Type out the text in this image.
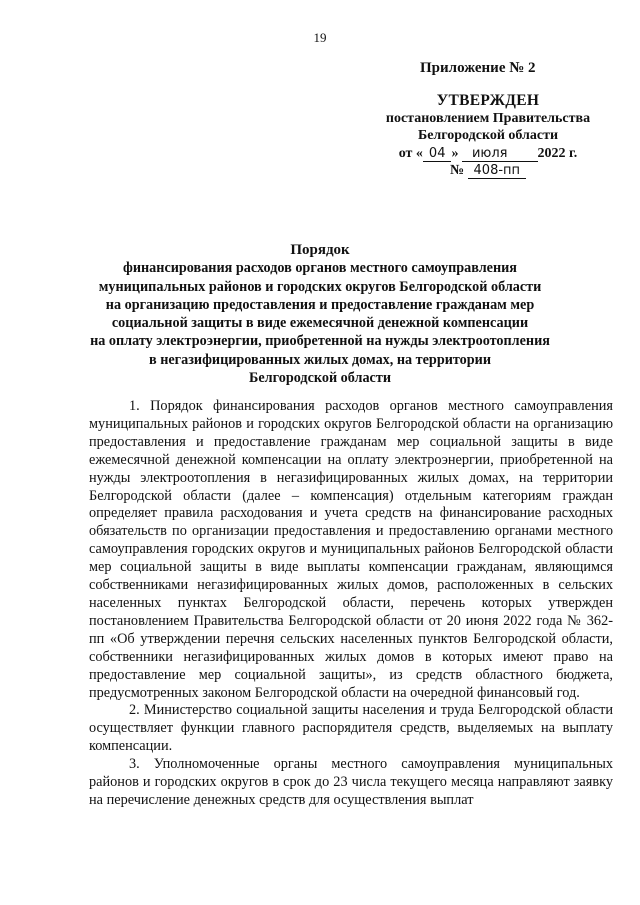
19
Приложение № 2
УТВЕРЖДЕН
постановлением Правительства
Белгородской области
от « 04 » июля 2022 г.
№ 408-пп
Порядок
финансирования расходов органов местного самоуправления
муниципальных районов и городских округов Белгородской области
на организацию предоставления и предоставление гражданам мер
социальной защиты в виде ежемесячной денежной компенсации
на оплату электроэнергии, приобретенной на нужды электроотопления
в негазифицированных жилых домах, на территории
Белгородской области

1. Порядок финансирования расходов органов местного самоуправления муниципальных районов и городских округов Белгородской области на организацию предоставления и предоставление гражданам мер социальной защиты в виде ежемесячной денежной компенсации на оплату электроэнергии, приобретенной на нужды электроотопления в негазифицированных жилых домах, на территории Белгородской области (далее – компенсация) отдельным категориям граждан определяет правила расходования и учета средств на финансирование расходных обязательств по организации предоставления и предоставлению органами местного самоуправления городских округов и муниципальных районов Белгородской области мер социальной защиты в виде выплаты компенсации гражданам, являющимся собственниками негазифицированных жилых домов, расположенных в сельских населенных пунктах Белгородской области, перечень которых утвержден постановлением Правительства Белгородской области от 20 июня 2022 года № 362-пп «Об утверждении перечня сельских населенных пунктов Белгородской области, собственники негазифицированных жилых домов в которых имеют право на предоставление мер социальной защиты», из средств областного бюджета, предусмотренных законом Белгородской области на очередной финансовый год.

2. Министерство социальной защиты населения и труда Белгородской области осуществляет функции главного распорядителя средств, выделяемых на выплату компенсации.

3. Уполномоченные органы местного самоуправления муниципальных районов и городских округов в срок до 23 числа текущего месяца направляют заявку на перечисление денежных средств для осуществления выплат
